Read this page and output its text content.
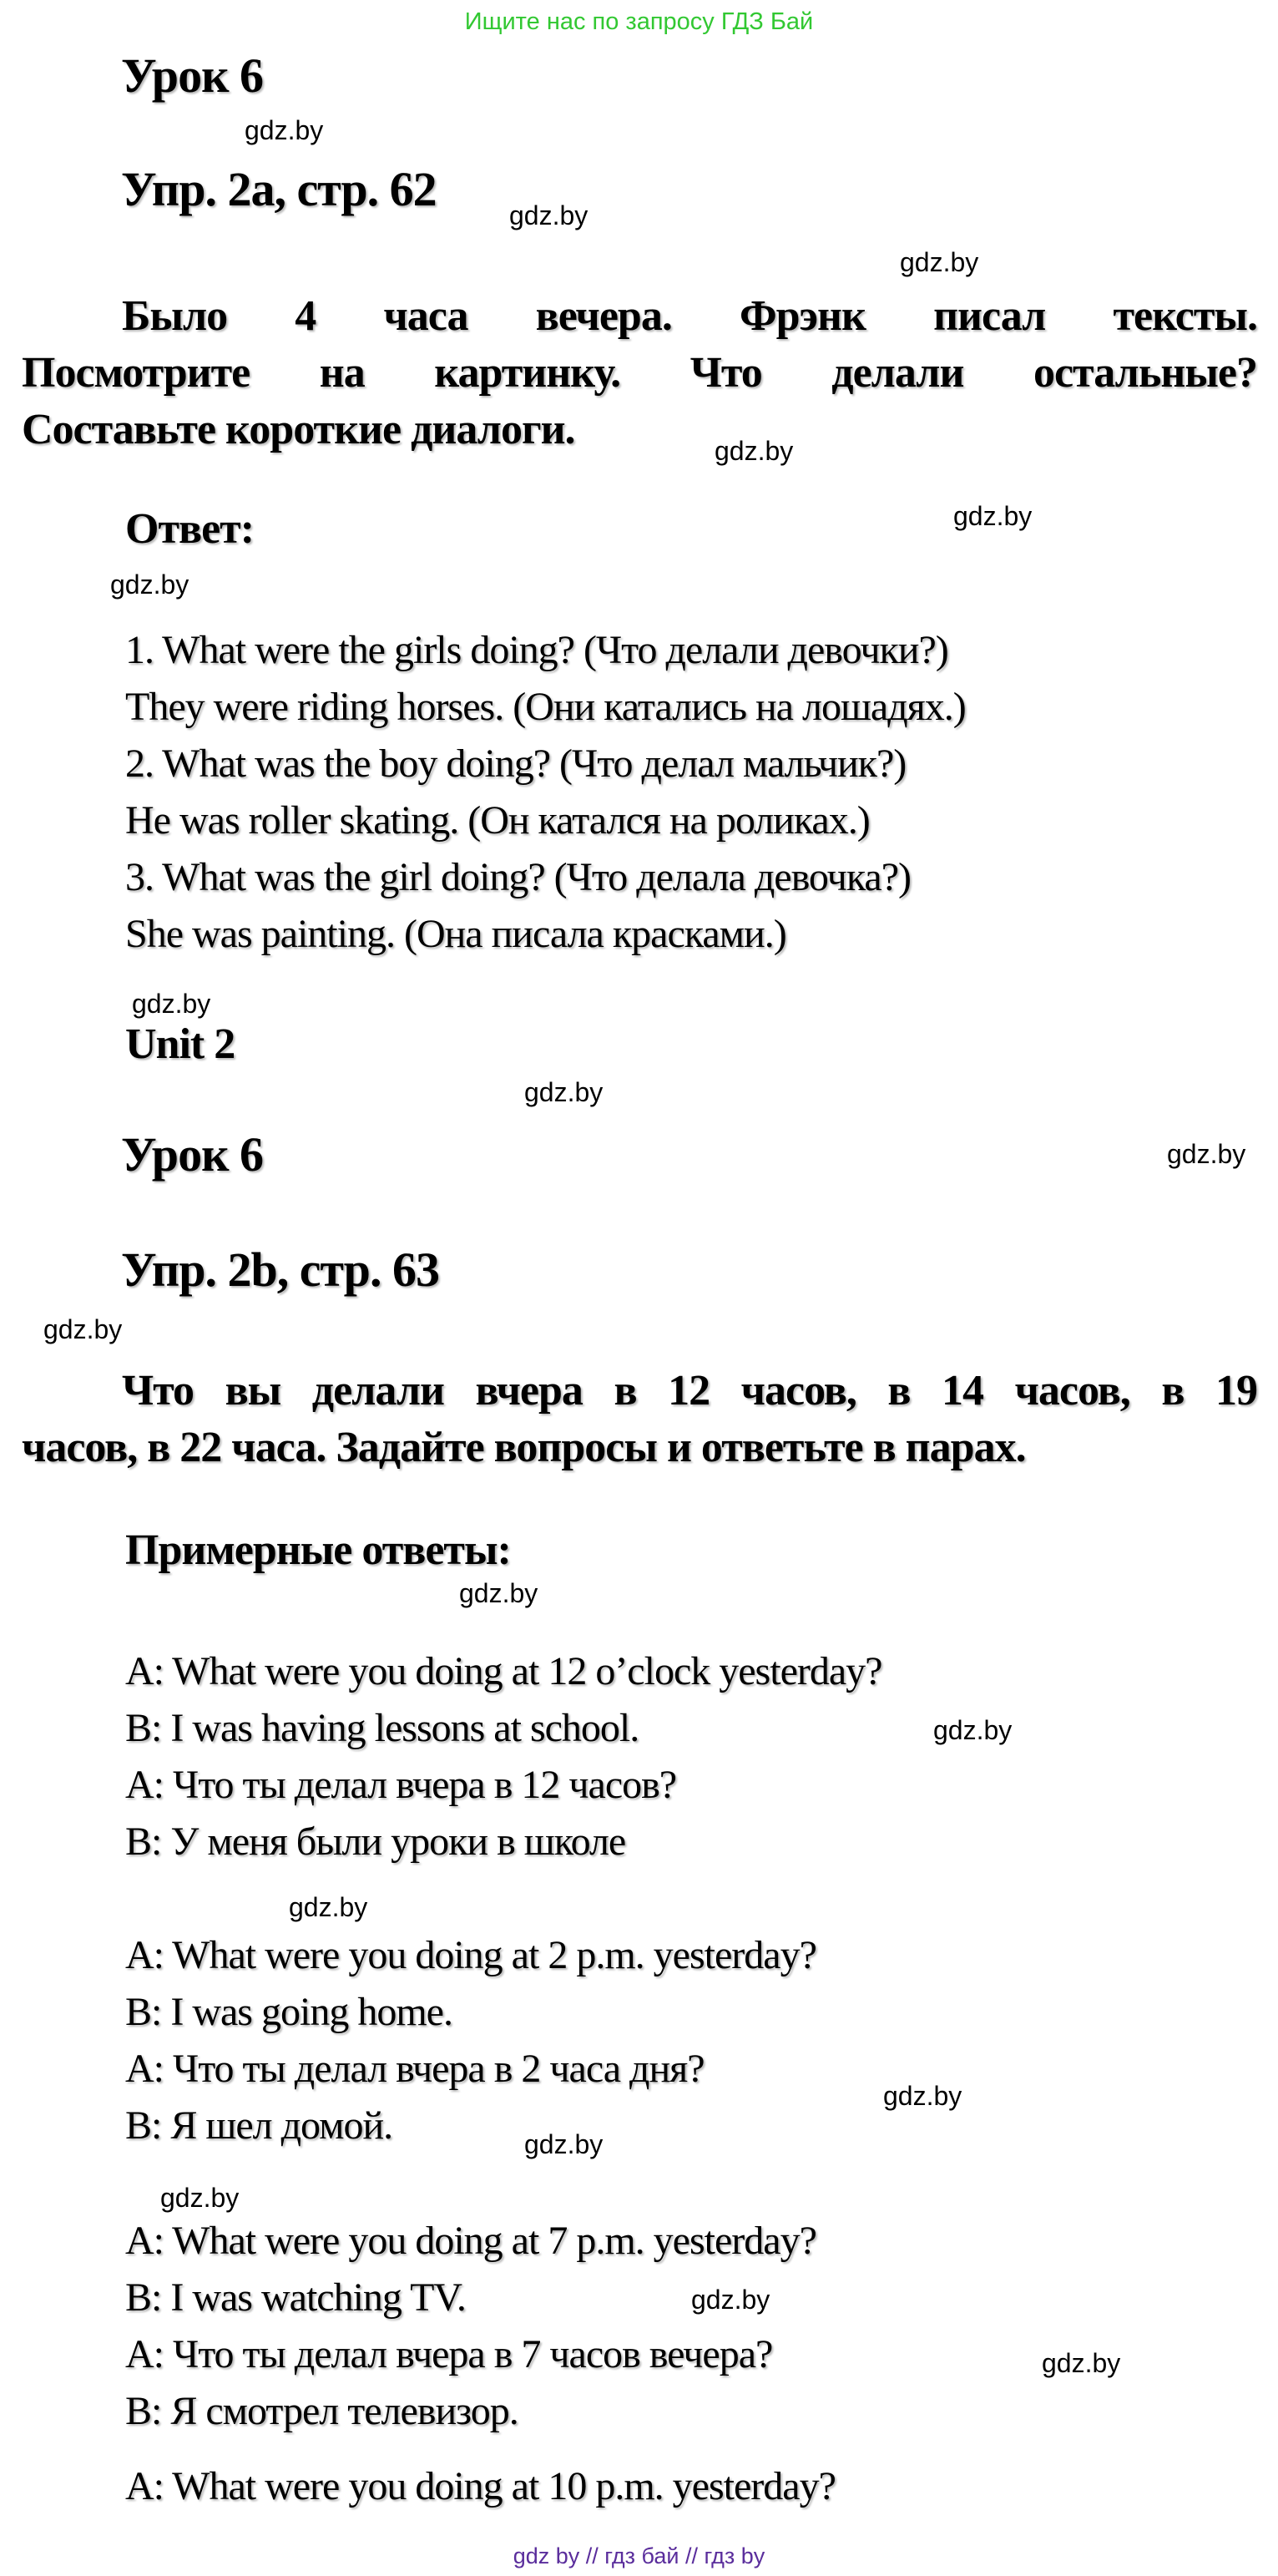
Ищите нас по запросу ГДЗ Бай
Урок 6
Упр. 2a, стр. 62
Было 4 часа вечера. Фрэнк писал тексты.
Посмотрите на картинку. Что делали остальные?
Составьте короткие диалоги.
Ответ:
1. What were the girls doing? (Что делали девочки?)
They were riding horses. (Они катались на лошадях.)
2. What was the boy doing? (Что делал мальчик?)
He was roller skating. (Он катался на роликах.)
3. What was the girl doing? (Что делала девочка?)
She was painting. (Она писала красками.)
Unit 2
Урок 6
Упр. 2b, стр. 63
Что вы делали вчера в 12 часов, в 14 часов, в 19
часов, в 22 часа. Задайте вопросы и ответьте в парах.
Примерные ответы:
A: What were you doing at 12 o’clock yesterday?
B: I was having lessons at school.
A: Что ты делал вчера в 12 часов?
B: У меня были уроки в школе
A: What were you doing at 2 p.m. yesterday?
B: I was going home.
A: Что ты делал вчера в 2 часа дня?
B: Я шел домой.
A: What were you doing at 7 p.m. yesterday?
B: I was watching TV.
A: Что ты делал вчера в 7 часов вечера?
B: Я смотрел телевизор.
A: What were you doing at 10 p.m. yesterday?
gdz.by
gdz.by
gdz.by
gdz.by
gdz.by
gdz.by
gdz.by
gdz.by
gdz.by
gdz.by
gdz.by
gdz.by
gdz.by
gdz.by
gdz.by
gdz.by
gdz.by
gdz.by
gdz by // гдз бай // гдз by
